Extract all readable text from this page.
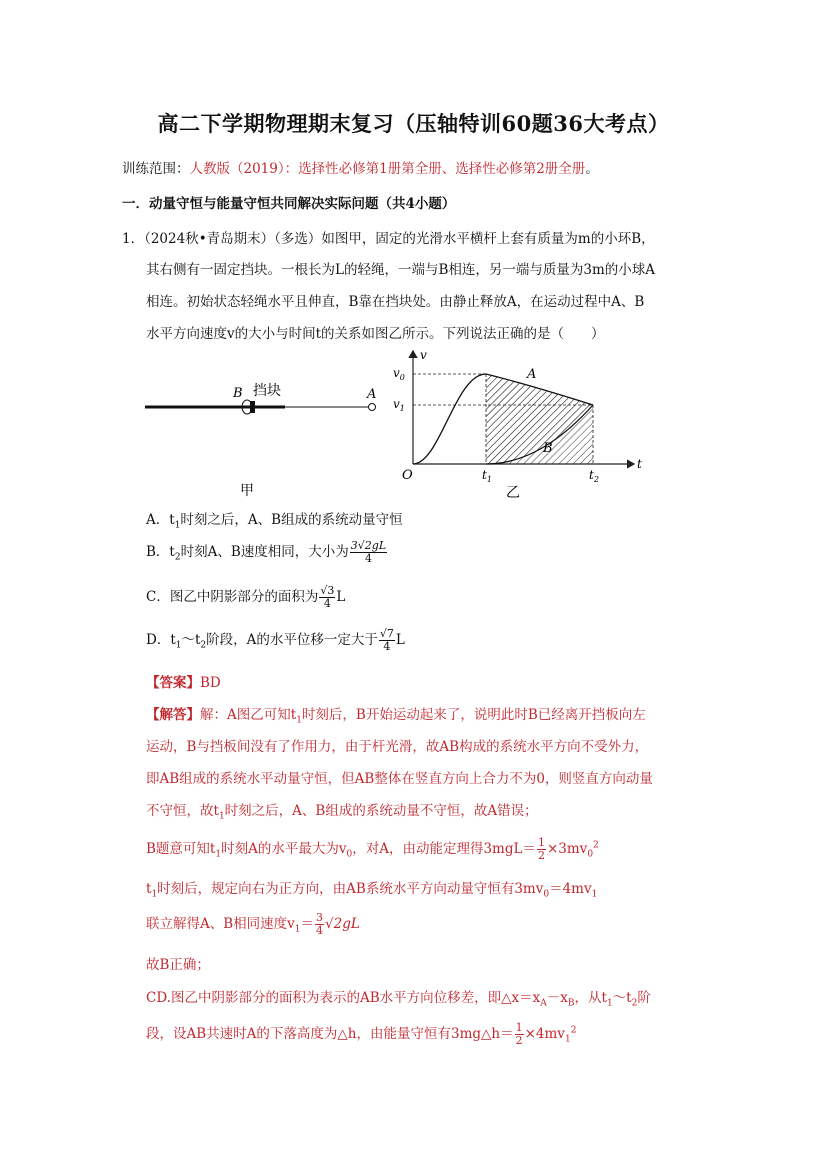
高二下学期物理期末复习（压轴特训60题36大考点）
训练范围：人教版（2019）：选择性必修第1册第全册、选择性必修第2册全册。
一．动量守恒与能量守恒共同解决实际问题（共4小题）
1．（2024秋•青岛期末）（多选）如图甲，固定的光滑水平横杆上套有质量为m的小环B，
其右侧有一固定挡块。一根长为L的轻绳，一端与B相连，另一端与质量为3m的小球A
相连。初始状态轻绳水平且伸直，B靠在挡块处。由静止释放A，在运动过程中A、B
水平方向速度v的大小与时间t的关系如图乙所示。下列说法正确的是（　　）
B 挡块	A
甲
$v_0$
$v_1$
v
t
O	$t_1$	$t_2$
A
B
乙
A．$t_1$时刻之后，A、B组成的系统动量守恒
B．$t_2$时刻A、B速度相同，大小为 $\frac{3√2gL}{4}$
C．图乙中阴影部分的面积为 $\frac{√3}{4}$ L
D．$t_1\sim t_2$阶段，A的水平位移一定大于 $\frac{√7}{4}$ L
【答案】BD
【解答】解：A图乙可知$t_1$时刻后，B开始运动起来了，说明此时B已经离开挡板向左
运动，B与挡板间没有了作用力，由于杆光滑，故AB构成的系统水平方向不受外力，
即AB组成的系统水平动量守恒，但AB整体在竖直方向上合力不为0，则竖直方向动量
不守恒，故$t_1$时刻之后，A、B组成的系统动量不守恒，故A错误；
B题意可知$t_1$时刻A的水平最大为$v_0$，对A，由动能定理得$3mgL= \frac{1}{2} \times 3mv_0^2$
$t_1$时刻后，规定向右为正方向，由AB系统水平方向动量守恒有$3mv_0=4mv_1$
联立解得A、B相同速度$v_1= \frac{3}{4} √2gL$
故B正确；
CD.图乙中阴影部分的面积为表示的AB水平方向位移差，即$\triangle x=x_A-x_B$，从$t_1\sim t_2$阶
段，设AB共速时A的下落高度为△h，由能量守恒有3mg△h＝ $\frac{1}{2} \times 4mv_1^2$
